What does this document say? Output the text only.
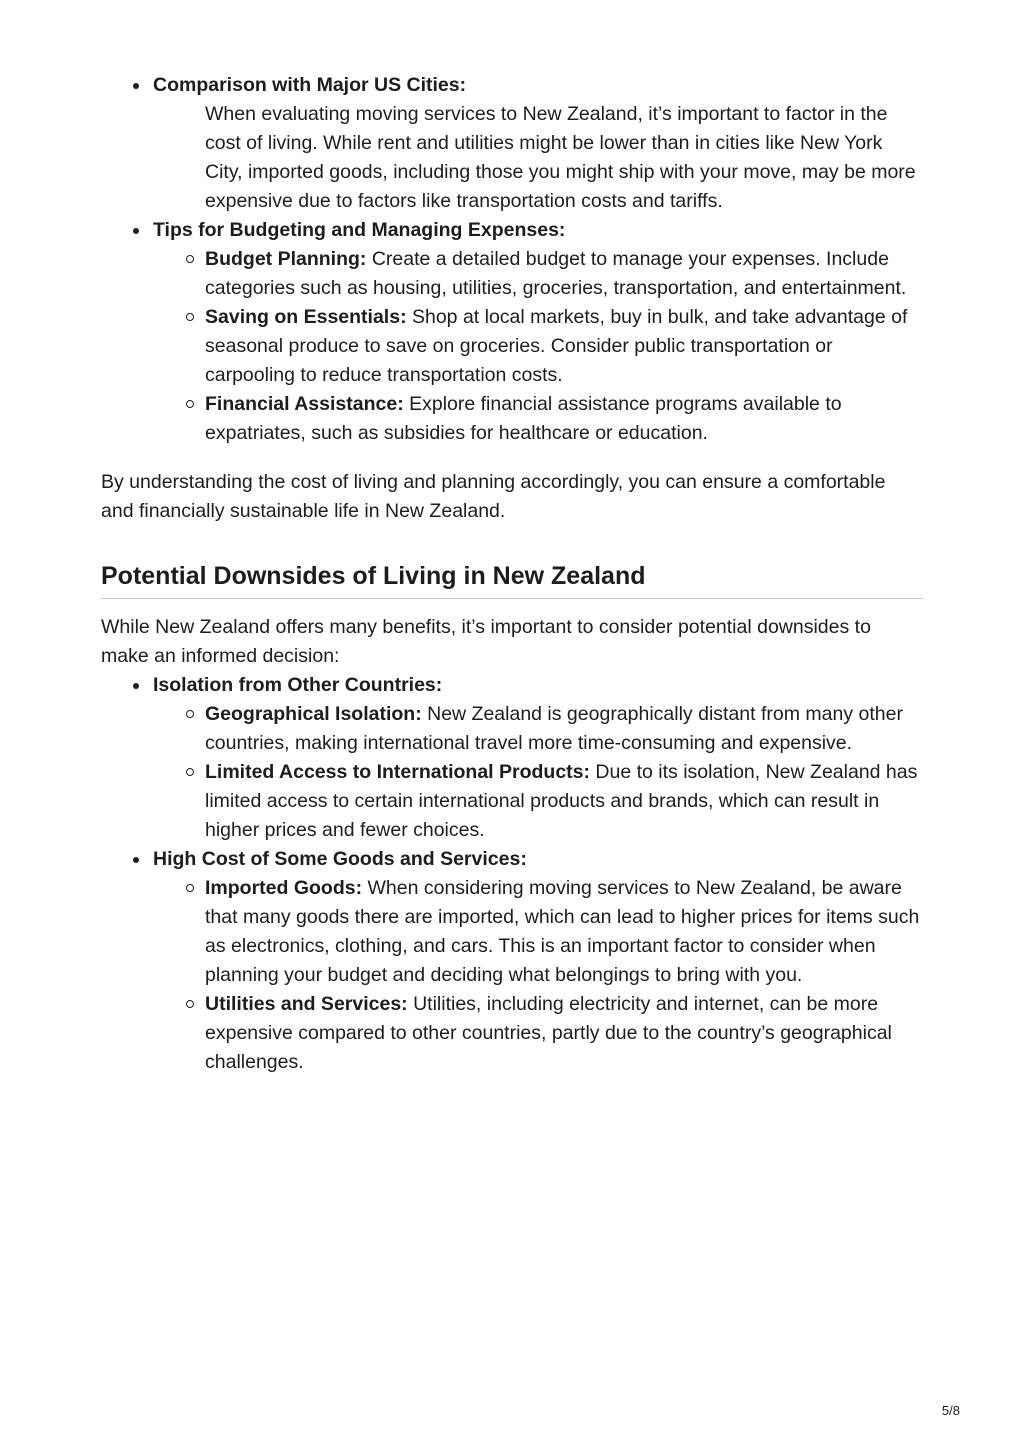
Comparison with Major US Cities:
When evaluating moving services to New Zealand, it’s important to factor in the cost of living. While rent and utilities might be lower than in cities like New York City, imported goods, including those you might ship with your move, may be more expensive due to factors like transportation costs and tariffs.
Tips for Budgeting and Managing Expenses:
Budget Planning: Create a detailed budget to manage your expenses. Include categories such as housing, utilities, groceries, transportation, and entertainment.
Saving on Essentials: Shop at local markets, buy in bulk, and take advantage of seasonal produce to save on groceries. Consider public transportation or carpooling to reduce transportation costs.
Financial Assistance: Explore financial assistance programs available to expatriates, such as subsidies for healthcare or education.

By understanding the cost of living and planning accordingly, you can ensure a comfortable and financially sustainable life in New Zealand.

Potential Downsides of Living in New Zealand

While New Zealand offers many benefits, it’s important to consider potential downsides to make an informed decision:

Isolation from Other Countries:
Geographical Isolation: New Zealand is geographically distant from many other countries, making international travel more time-consuming and expensive.
Limited Access to International Products: Due to its isolation, New Zealand has limited access to certain international products and brands, which can result in higher prices and fewer choices.
High Cost of Some Goods and Services:
Imported Goods: When considering moving services to New Zealand, be aware that many goods there are imported, which can lead to higher prices for items such as electronics, clothing, and cars. This is an important factor to consider when planning your budget and deciding what belongings to bring with you.
Utilities and Services: Utilities, including electricity and internet, can be more expensive compared to other countries, partly due to the country’s geographical challenges.
5/8
